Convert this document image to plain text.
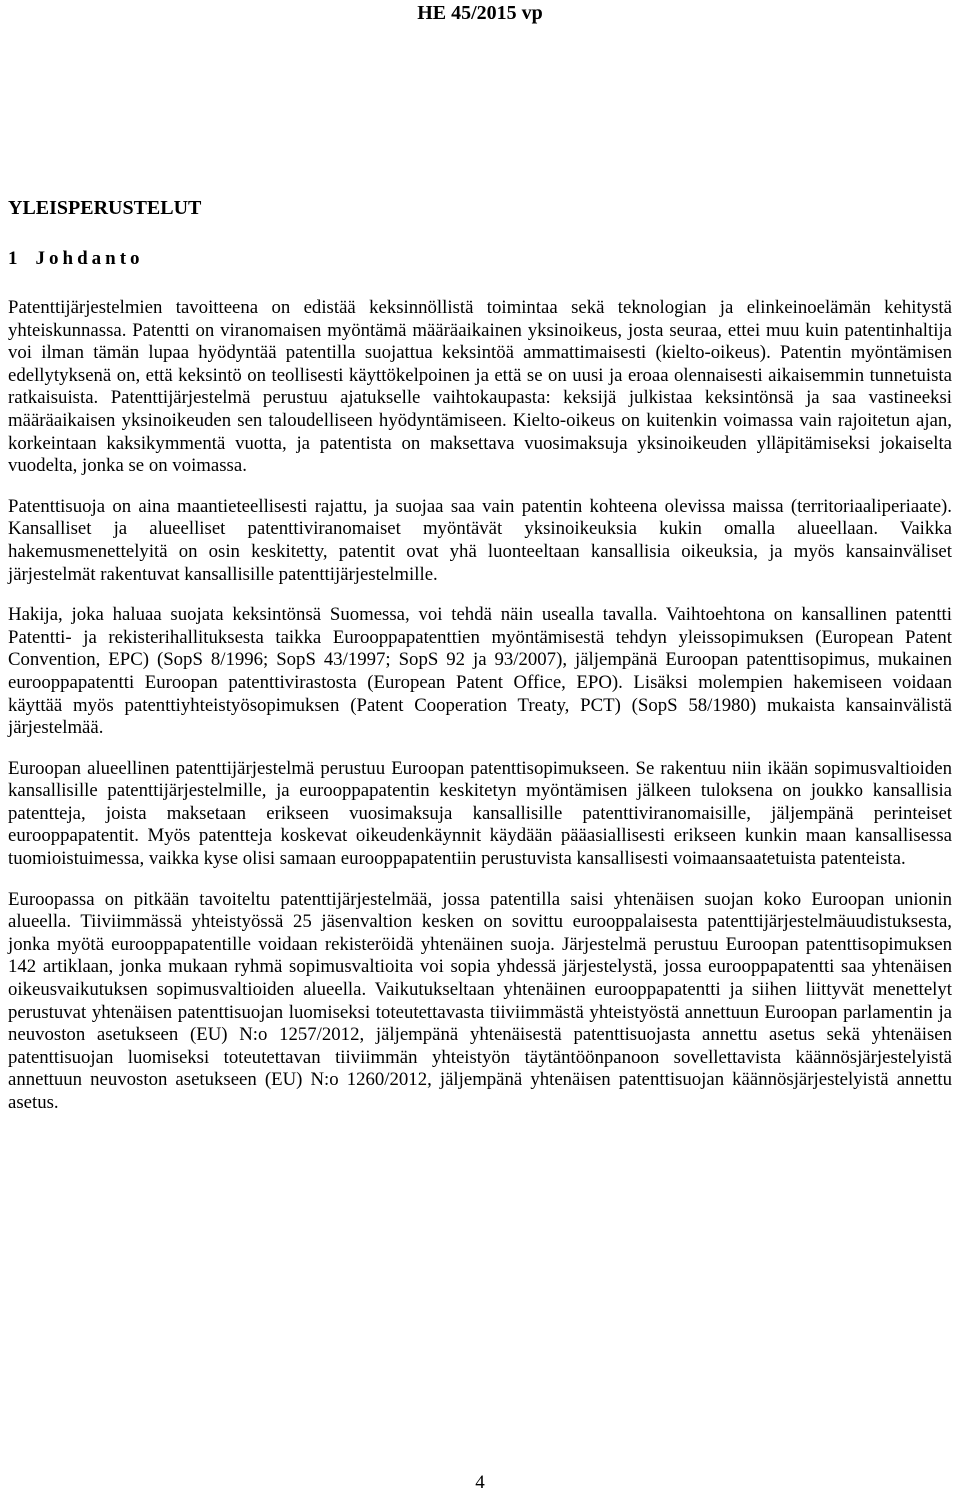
HE 45/2015 vp
YLEISPERUSTELUT
1 Johdanto

Patenttijärjestelmien tavoitteena on edistää keksinnöllistä toimintaa sekä teknologian ja elinkeinoelämän kehitystä yhteiskunnassa. Patentti on viranomaisen myöntämä määräaikainen yksinoikeus, josta seuraa, ettei muu kuin patentinhaltija voi ilman tämän lupaa hyödyntää patentilla suojattua keksintöä ammattimaisesti (kielto-oikeus). Patentin myöntämisen edellytyksenä on, että keksintö on teollisesti käyttökelpoinen ja että se on uusi ja eroaa olennaisesti aikaisemmin tunnetuista ratkaisuista. Patenttijärjestelmä perustuu ajatukselle vaihtokaupasta: keksijä julkistaa keksintönsä ja saa vastineeksi määräaikaisen yksinoikeuden sen taloudelliseen hyödyntämiseen. Kielto-oikeus on kuitenkin voimassa vain rajoitetun ajan, korkeintaan kaksikymmentä vuotta, ja patentista on maksettava vuosimaksuja yksinoikeuden ylläpitämiseksi jokaiselta vuodelta, jonka se on voimassa.

Patenttisuoja on aina maantieteellisesti rajattu, ja suojaa saa vain patentin kohteena olevissa maissa (territoriaaliperiaate). Kansalliset ja alueelliset patenttiviranomaiset myöntävät yksinoikeuksia kukin omalla alueellaan. Vaikka hakemusmenettelyitä on osin keskitetty, patentit ovat yhä luonteeltaan kansallisia oikeuksia, ja myös kansainväliset järjestelmät rakentuvat kansallisille patenttijärjestelmille.

Hakija, joka haluaa suojata keksintönsä Suomessa, voi tehdä näin usealla tavalla. Vaihtoehtona on kansallinen patentti Patentti- ja rekisterihallituksesta taikka Eurooppapatenttien myöntämisestä tehdyn yleissopimuksen (European Patent Convention, EPC) (SopS 8/1996; SopS 43/1997; SopS 92 ja 93/2007), jäljempänä Euroopan patenttisopimus, mukainen eurooppapatentti Euroopan patenttivirastosta (European Patent Office, EPO). Lisäksi molempien hakemiseen voidaan käyttää myös patenttiyhteistyösopimuksen (Patent Cooperation Treaty, PCT) (SopS 58/1980) mukaista kansainvälistä järjestelmää.

Euroopan alueellinen patenttijärjestelmä perustuu Euroopan patenttisopimukseen. Se rakentuu niin ikään sopimusvaltioiden kansallisille patenttijärjestelmille, ja eurooppapatentin keskitetyn myöntämisen jälkeen tuloksena on joukko kansallisia patentteja, joista maksetaan erikseen vuosimaksuja kansallisille patenttiviranomaisille, jäljempänä perinteiset eurooppapatentit. Myös patentteja koskevat oikeudenkäynnit käydään pääasiallisesti erikseen kunkin maan kansallisessa tuomioistuimessa, vaikka kyse olisi samaan eurooppapatentiin perustuvista kansallisesti voimaansaatetuista patenteista.

Euroopassa on pitkään tavoiteltu patenttijärjestelmää, jossa patentilla saisi yhtenäisen suojan koko Euroopan unionin alueella. Tiiviimmässä yhteistyössä 25 jäsenvaltion kesken on sovittu eurooppalaisesta patenttijärjestelmäuudistuksesta, jonka myötä eurooppapatentille voidaan rekisteröidä yhtenäinen suoja. Järjestelmä perustuu Euroopan patenttisopimuksen 142 artiklaan, jonka mukaan ryhmä sopimusvaltioita voi sopia yhdessä järjestelystä, jossa eurooppapatentti saa yhtenäisen oikeusvaikutuksen sopimusvaltioiden alueella. Vaikutukseltaan yhtenäinen eurooppapatentti ja siihen liittyvät menettelyt perustuvat yhtenäisen patenttisuojan luomiseksi toteutettavasta tiiviimmästä yhteistyöstä annettuun Euroopan parlamentin ja neuvoston asetukseen (EU) N:o 1257/2012, jäljempänä yhtenäisestä patenttisuojasta annettu asetus sekä yhtenäisen patenttisuojan luomiseksi toteutettavan tiiviimmän yhteistyön täytäntöönpanoon sovellettavista käännösjärjestelyistä annettuun neuvoston asetukseen (EU) N:o 1260/2012, jäljempänä yhtenäisen patenttisuojan käännösjärjestelyistä annettu asetus.

4
